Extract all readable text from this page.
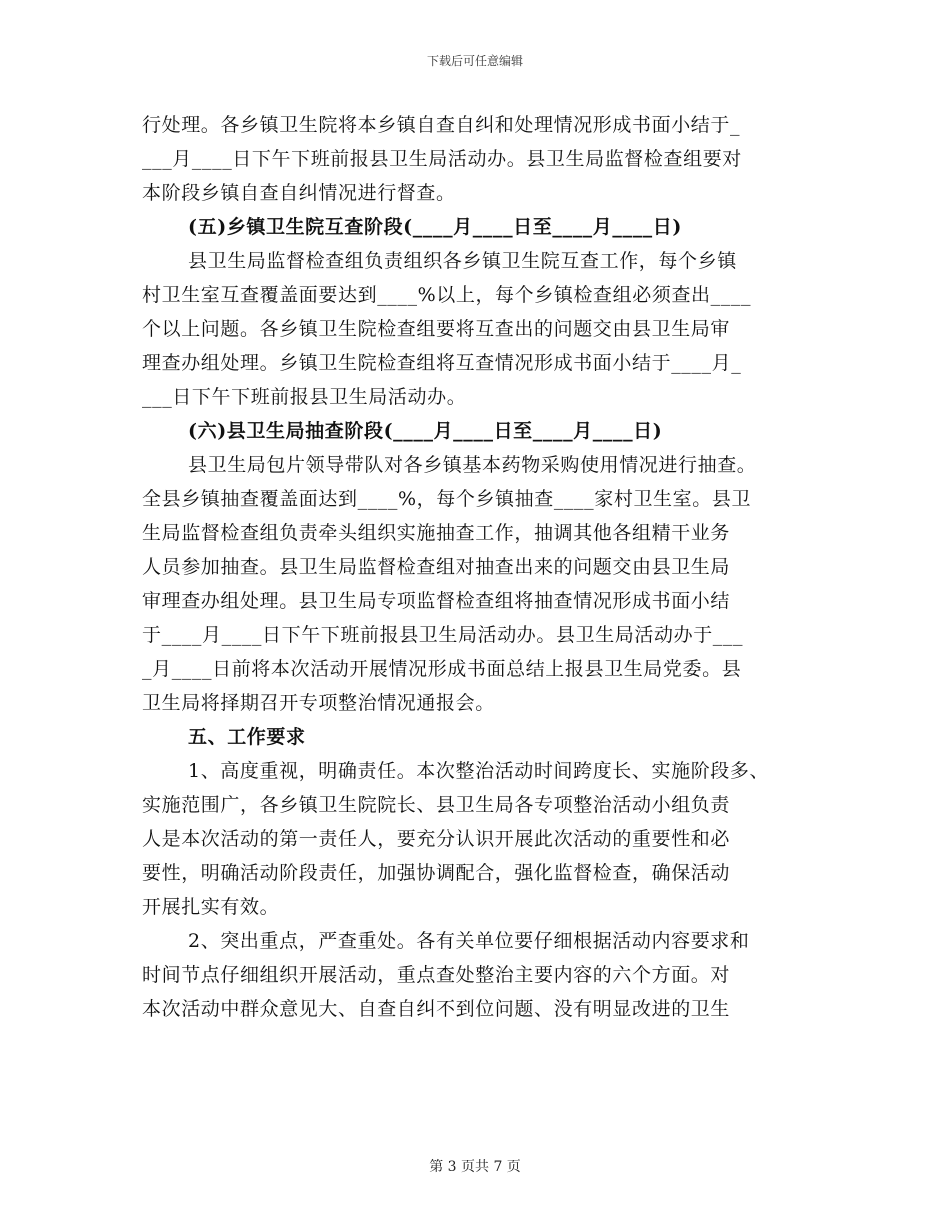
下载后可任意编辑
行处理。各乡镇卫生院将本乡镇自查自纠和处理情况形成书面小结于_
___月____日下午下班前报县卫生局活动办。县卫生局监督检查组要对
本阶段乡镇自查自纠情况进行督查。
(五)乡镇卫生院互查阶段(____月____日至____月____日)
县卫生局监督检查组负责组织各乡镇卫生院互查工作，每个乡镇
村卫生室互查覆盖面要达到____%以上，每个乡镇检查组必须查出____
个以上问题。各乡镇卫生院检查组要将互查出的问题交由县卫生局审
理查办组处理。乡镇卫生院检查组将互查情况形成书面小结于____月_
___日下午下班前报县卫生局活动办。
(六)县卫生局抽查阶段(____月____日至____月____日)
县卫生局包片领导带队对各乡镇基本药物采购使用情况进行抽查。
全县乡镇抽查覆盖面达到____%，每个乡镇抽查____家村卫生室。县卫
生局监督检查组负责牵头组织实施抽查工作，抽调其他各组精干业务
人员参加抽查。县卫生局监督检查组对抽查出来的问题交由县卫生局
审理查办组处理。县卫生局专项监督检查组将抽查情况形成书面小结
于____月____日下午下班前报县卫生局活动办。县卫生局活动办于___
_月____日前将本次活动开展情况形成书面总结上报县卫生局党委。县
卫生局将择期召开专项整治情况通报会。
五、工作要求
1、高度重视，明确责任。本次整治活动时间跨度长、实施阶段多、
实施范围广，各乡镇卫生院院长、县卫生局各专项整治活动小组负责
人是本次活动的第一责任人，要充分认识开展此次活动的重要性和必
要性，明确活动阶段责任，加强协调配合，强化监督检查，确保活动
开展扎实有效。
2、突出重点，严查重处。各有关单位要仔细根据活动内容要求和
时间节点仔细组织开展活动，重点查处整治主要内容的六个方面。对
本次活动中群众意见大、自查自纠不到位问题、没有明显改进的卫生
第 3 页共 7 页
